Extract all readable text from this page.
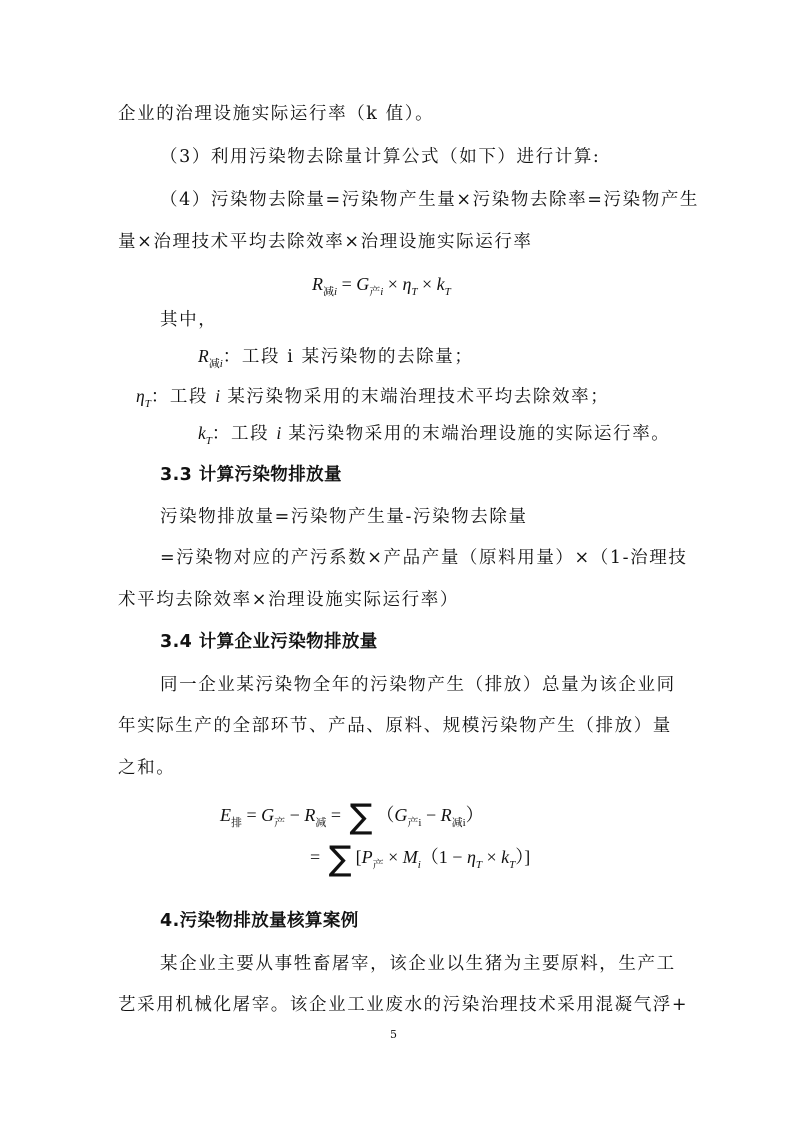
企业的治理设施实际运行率（k 值）。
（3）利用污染物去除量计算公式（如下）进行计算:
（4）污染物去除量=污染物产生量×污染物去除率=污染物产生
量×治理技术平均去除效率×治理设施实际运行率
$R_{减i} = G_{产i} \times \eta_T \times k_T$
其中，
$R_{减i}$：工段 i 某污染物的去除量；
$\eta_T$：工段 i 某污染物采用的末端治理技术平均去除效率；
$k_T$：工段 i 某污染物采用的末端治理设施的实际运行率。
3.3 计算污染物排放量
污染物排放量=污染物产生量-污染物去除量
=污染物对应的产污系数×产品产量（原料用量）×（1-治理技
术平均去除效率×治理设施实际运行率）
3.4 计算企业污染物排放量
同一企业某污染物全年的污染物产生（排放）总量为该企业同
年实际生产的全部环节、产品、原料、规模污染物产生（排放）量
之和。
$E_排 = G_产 - R_减$ = ∑ $(G_{产i} - R_{减i})$
= ∑ $[P_产 \times M_i(1 - \eta_T \times k_T)]$
4.污染物排放量核算案例
某企业主要从事牲畜屠宰，该企业以生猪为主要原料，生产工
艺采用机械化屠宰。该企业工业废水的污染治理技术采用混凝气浮+
5
